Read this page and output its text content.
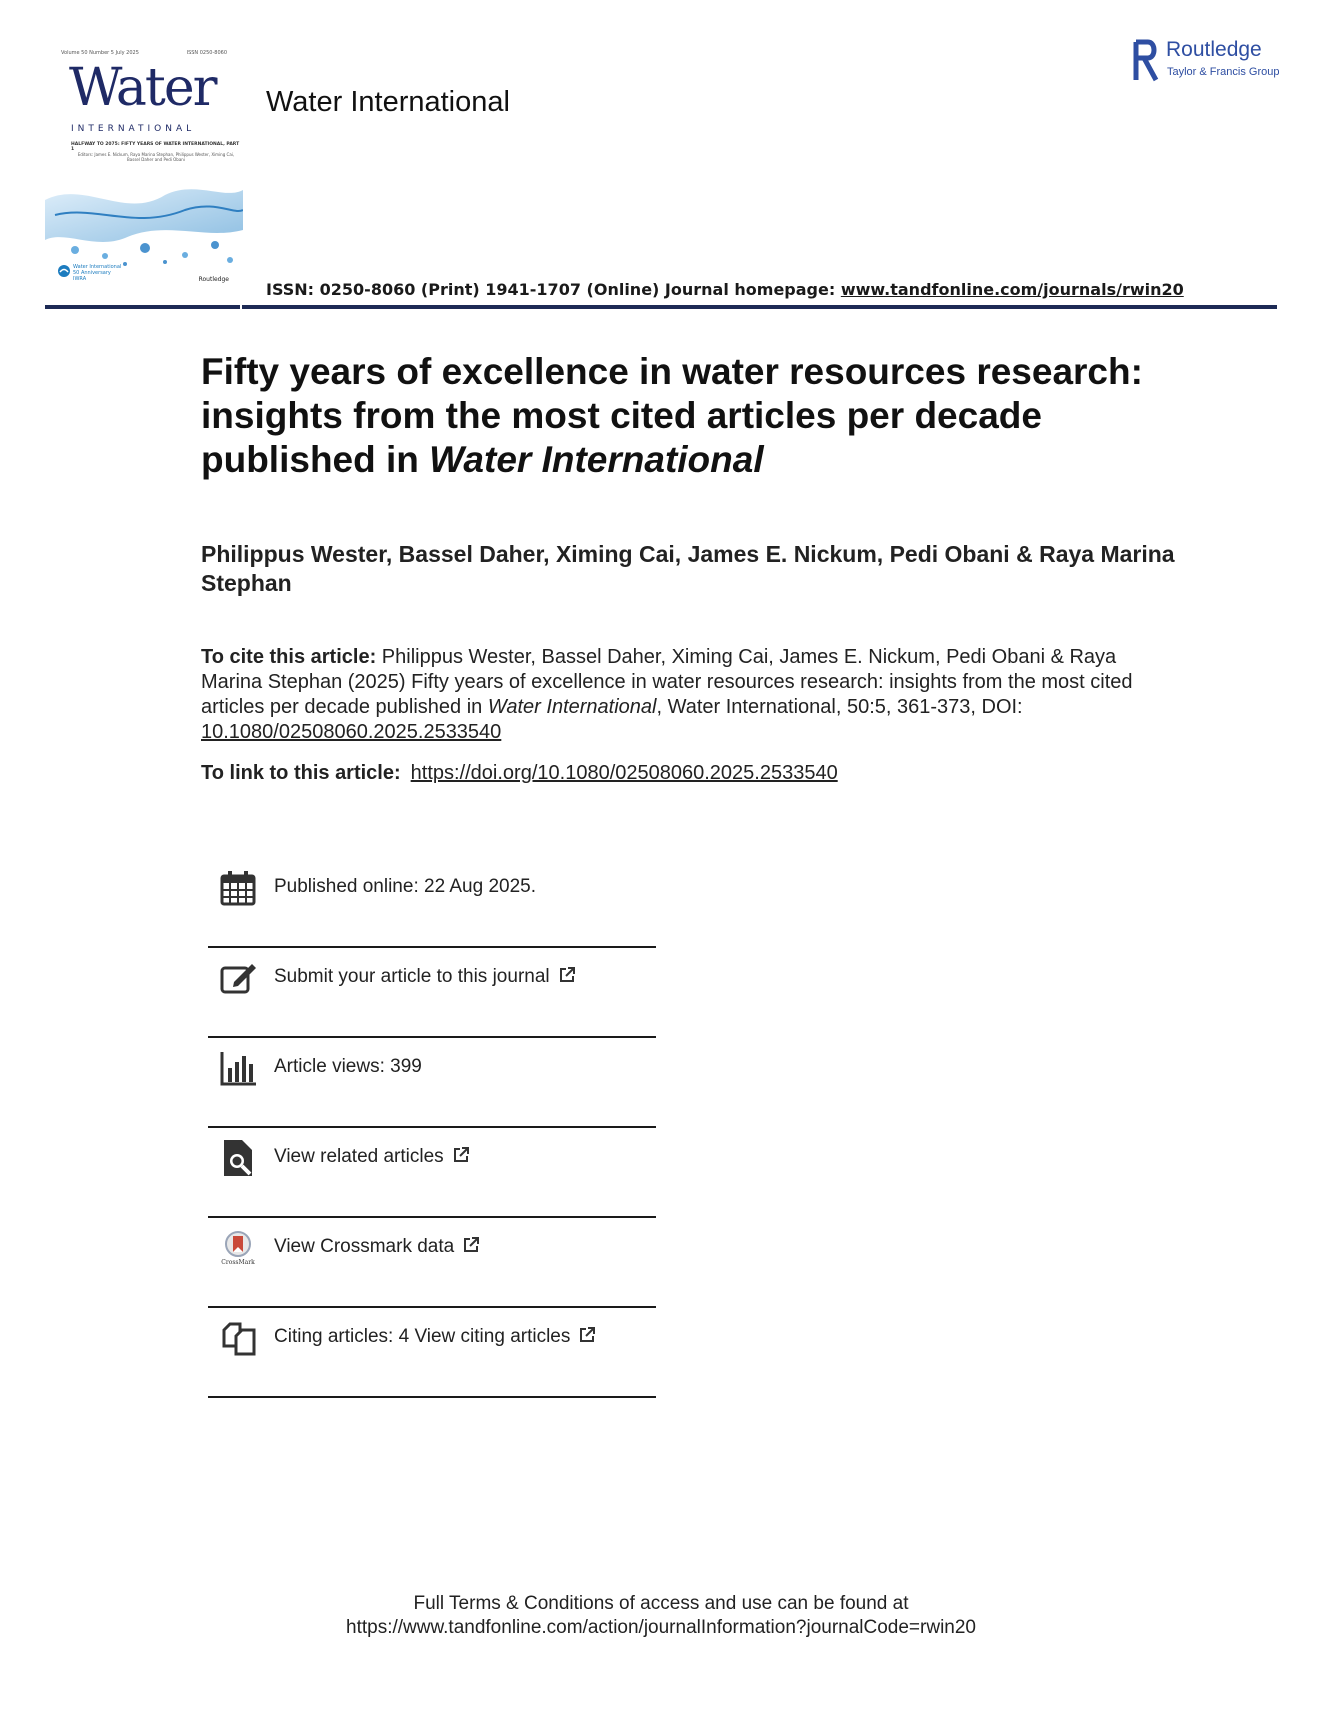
Volume 50 Number 5 July 2025	ISSN 0250-8060
Water
INTERNATIONAL
HALFWAY TO 2075: FIFTY YEARS OF WATER INTERNATIONAL, PART 1
Editors: James E. Nickum, Raya Marina Stephan, Philippus Wester, Ximing Cai, Bassel Daher and Pedi Obani
Water International 50 Anniversary IWRA	Routledge
Water International
Routledge
Taylor & Francis Group
ISSN: 0250-8060 (Print) 1941-1707 (Online) Journal homepage: www.tandfonline.com/journals/rwin20
Fifty years of excellence in water resources research: insights from the most cited articles per decade published in Water International
Philippus Wester, Bassel Daher, Ximing Cai, James E. Nickum, Pedi Obani & Raya Marina Stephan
To cite this article: Philippus Wester, Bassel Daher, Ximing Cai, James E. Nickum, Pedi Obani & Raya Marina Stephan (2025) Fifty years of excellence in water resources research: insights from the most cited articles per decade published in Water International, Water International, 50:5, 361-373, DOI: 10.1080/02508060.2025.2533540
To link to this article: https://doi.org/10.1080/02508060.2025.2533540
Published online: 22 Aug 2025.
Submit your article to this journal
Article views: 399
View related articles
CrossMark
View Crossmark data
Citing articles: 4 View citing articles
Full Terms & Conditions of access and use can be found at
https://www.tandfonline.com/action/journalInformation?journalCode=rwin20
